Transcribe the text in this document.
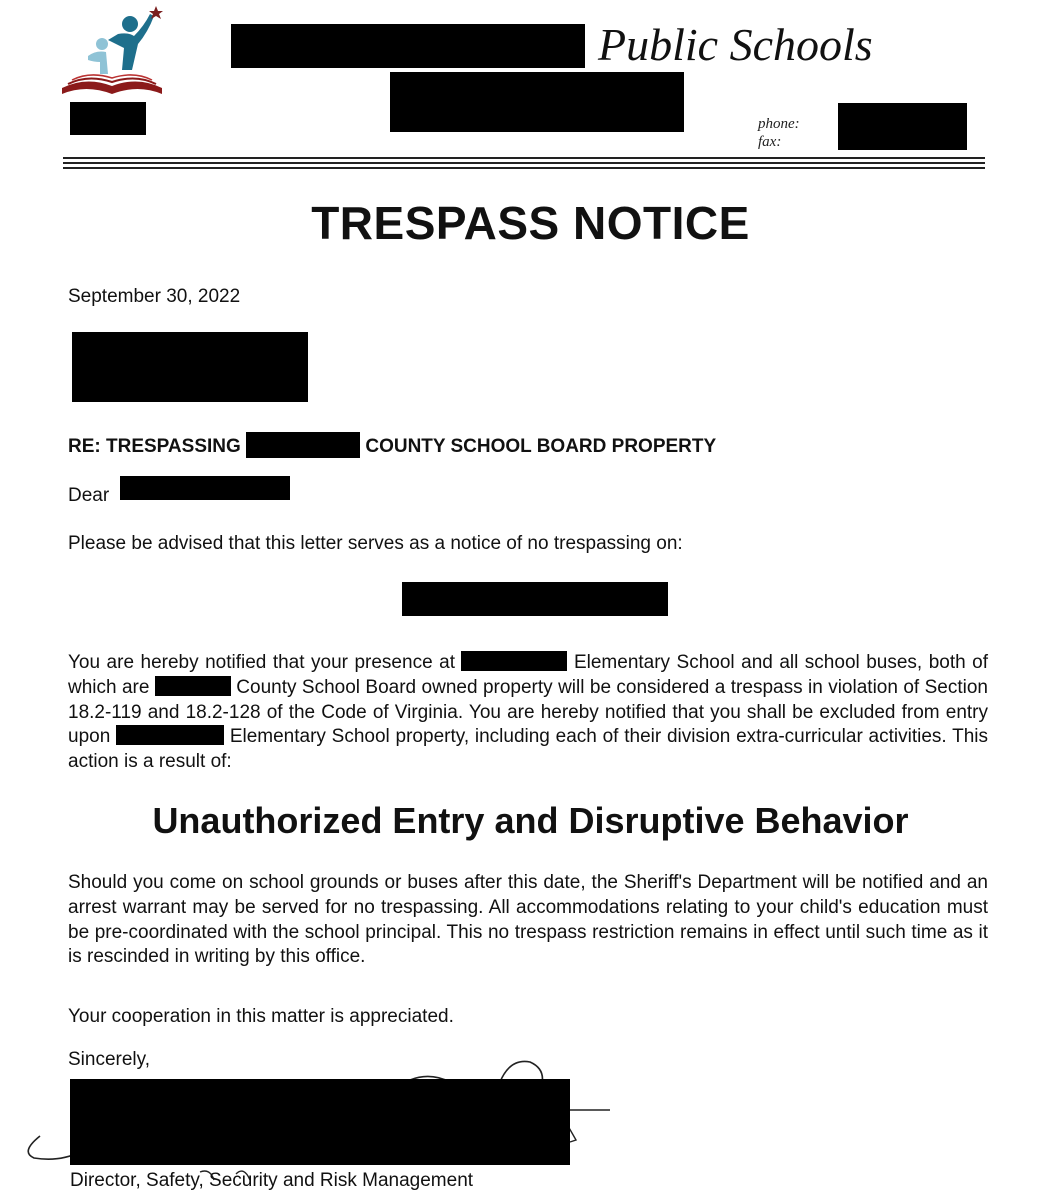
Public Schools
phone:
fax:
TRESPASS NOTICE
September 30, 2022
RE: TRESPASSING	COUNTY SCHOOL BOARD PROPERTY
Dear
Please be advised that this letter serves as a notice of no trespassing on:
You are hereby notified that your presence at	Elementary School and all school buses, both of which are	County School Board owned property will be considered a trespass in violation of Section 18.2-119 and 18.2-128 of the Code of Virginia. You are hereby notified that you shall be excluded from entry upon	Elementary School property, including each of their division extra-curricular activities. This action is a result of:
Unauthorized Entry and Disruptive Behavior
Should you come on school grounds or buses after this date, the Sheriff's Department will be notified and an arrest warrant may be served for no trespassing. All accommodations relating to your child's education must be pre-coordinated with the school principal. This no trespass restriction remains in effect until such time as it is rescinded in writing by this office.
Your cooperation in this matter is appreciated.
Sincerely,
Director, Safety, Security and Risk Management
